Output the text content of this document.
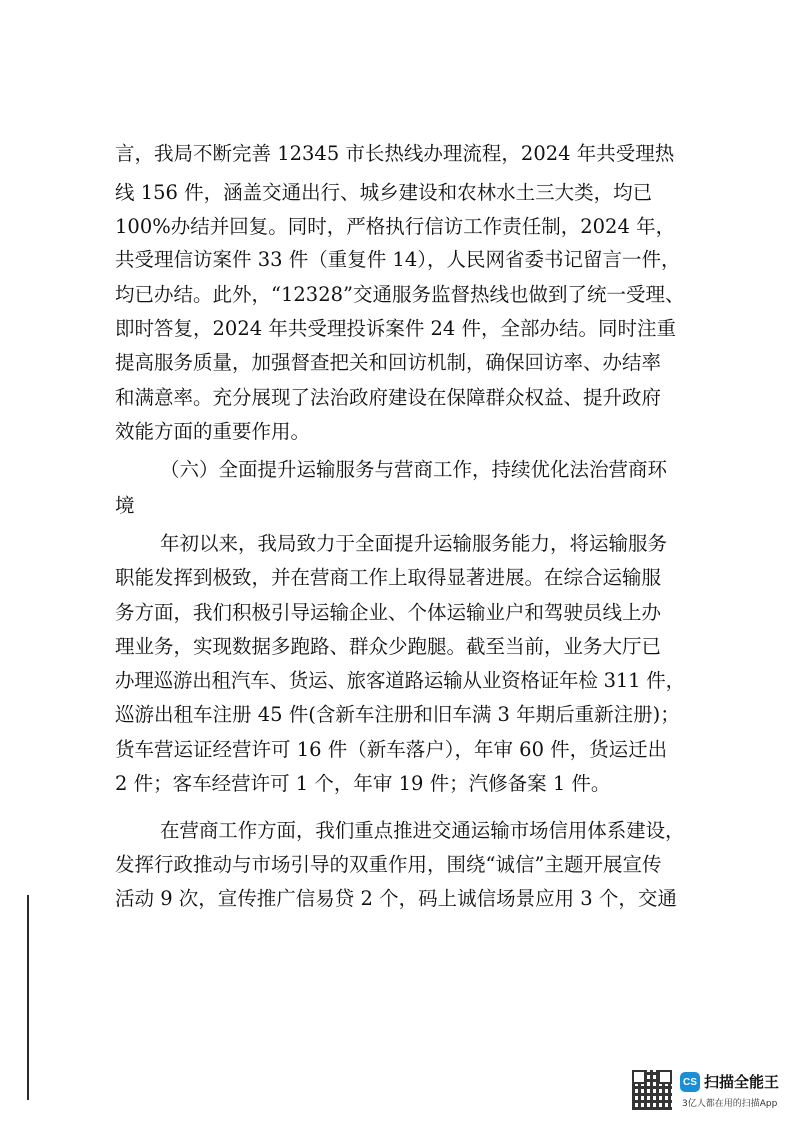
言，我局不断完善 12345 市长热线办理流程，2024 年共受理热
线 156 件，涵盖交通出行、城乡建设和农林水土三大类，均已
100%办结并回复。同时，严格执行信访工作责任制，2024 年，
共受理信访案件 33 件（重复件 14），人民网省委书记留言一件，
均已办结。此外，“12328”交通服务监督热线也做到了统一受理、
即时答复，2024 年共受理投诉案件 24 件，全部办结。同时注重
提高服务质量，加强督查把关和回访机制，确保回访率、办结率
和满意率。充分展现了法治政府建设在保障群众权益、提升政府
效能方面的重要作用。
（六）全面提升运输服务与营商工作，持续优化法治营商环
境
年初以来，我局致力于全面提升运输服务能力，将运输服务
职能发挥到极致，并在营商工作上取得显著进展。在综合运输服
务方面，我们积极引导运输企业、个体运输业户和驾驶员线上办
理业务，实现数据多跑路、群众少跑腿。截至当前，业务大厅已
办理巡游出租汽车、货运、旅客道路运输从业资格证年检 311 件，
巡游出租车注册 45 件(含新车注册和旧车满 3 年期后重新注册)；
货车营运证经营许可 16 件（新车落户），年审 60 件，货运迁出
2 件；客车经营许可 1 个，年审 19 件；汽修备案 1 件。
在营商工作方面，我们重点推进交通运输市场信用体系建设，
发挥行政推动与市场引导的双重作用，围绕“诚信”主题开展宣传
活动 9 次，宣传推广信易贷 2 个，码上诚信场景应用 3 个，交通
CS 扫描全能王
3亿人都在用的扫描App
